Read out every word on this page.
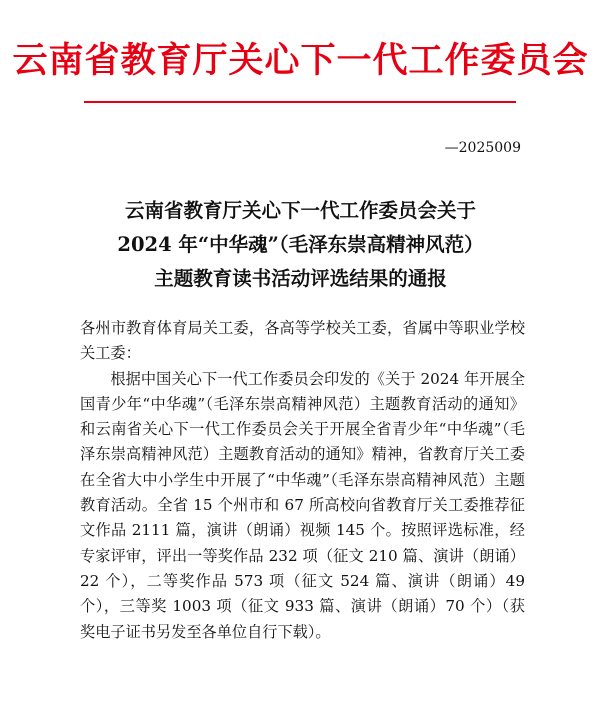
云南省教育厅关心下一代工作委员会
—2025009
云南省教育厅关心下一代工作委员会关于
2024 年“中华魂”（毛泽东崇高精神风范）
主题教育读书活动评选结果的通报

各州市教育体育局关工委，各高等学校关工委，省属中等职业学校关工委：

根据中国关心下一代工作委员会印发的《关于 2024 年开展全国青少年“中华魂”（毛泽东崇高精神风范）主题教育活动的通知》和云南省关心下一代工作委员会关于开展全省青少年“中华魂”（毛泽东崇高精神风范）主题教育活动的通知》精神，省教育厅关工委在全省大中小学生中开展了“中华魂”（毛泽东崇高精神风范）主题教育活动。全省 15 个州市和 67 所高校向省教育厅关工委推荐征文作品 2111 篇，演讲（朗诵）视频 145 个。按照评选标准，经专家评审，评出一等奖作品 232 项（征文 210 篇、演讲（朗诵）22 个），二等奖作品 573 项（征文 524 篇、演讲（朗诵）49 个），三等奖 1003 项（征文 933 篇、演讲（朗诵）70 个）（获奖电子证书另发至各单位自行下载）。
